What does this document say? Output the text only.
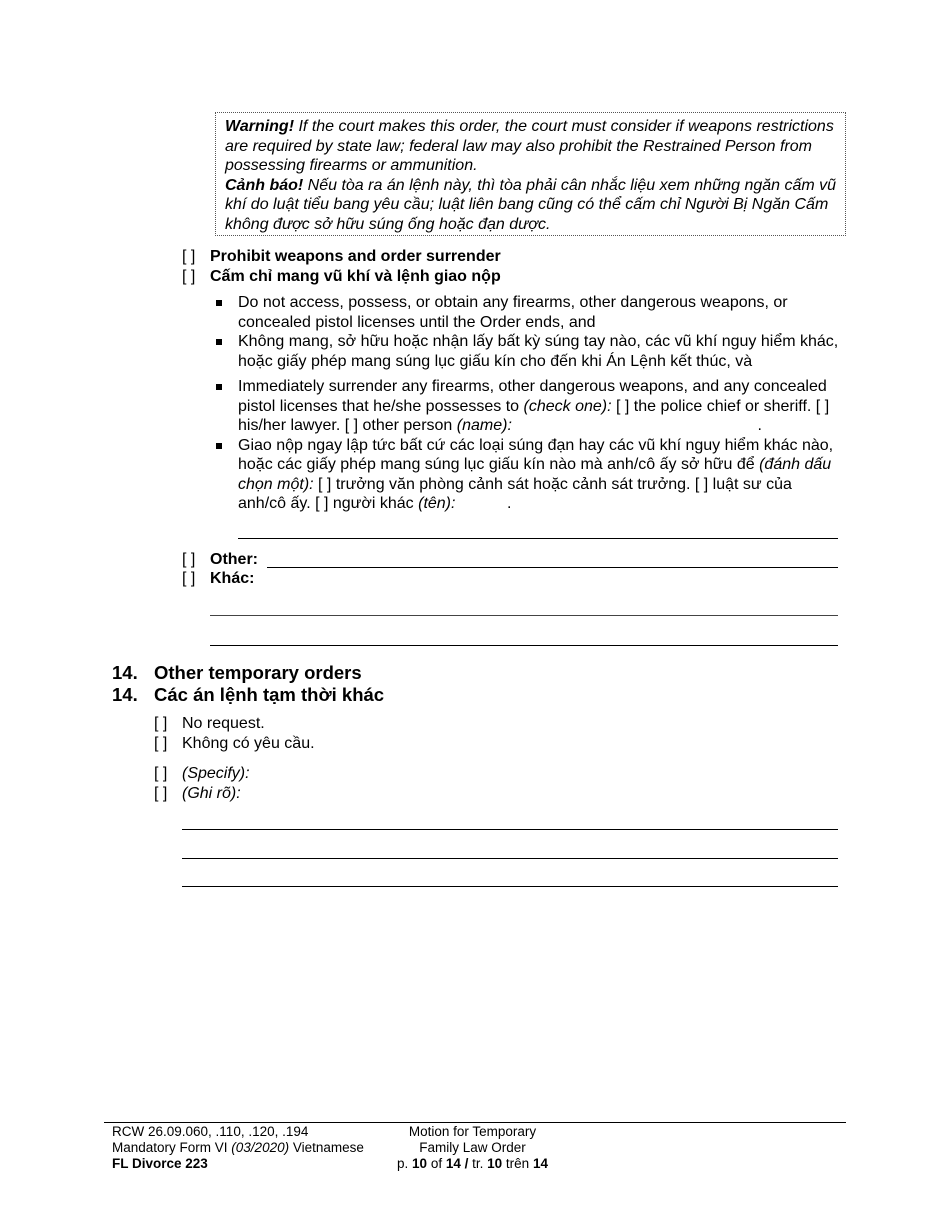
Warning! If the court makes this order, the court must consider if weapons restrictions are required by state law; federal law may also prohibit the Restrained Person from possessing firearms or ammunition.

Cảnh báo! Nếu tòa ra án lệnh này, thì tòa phải cân nhắc liệu xem những ngăn cấm vũ khí do luật tiểu bang yêu cầu; luật liên bang cũng có thể cấm chỉ Người Bị Ngăn Cấm không được sở hữu súng ống hoặc đạn dược.

[ ] Prohibit weapons and order surrender
[ ] Cấm chỉ mang vũ khí và lệnh giao nộp
Do not access, possess, or obtain any firearms, other dangerous weapons, or concealed pistol licenses until the Order ends, and
Không mang, sở hữu hoặc nhận lấy bất kỳ súng tay nào, các vũ khí nguy hiểm khác, hoặc giấy phép mang súng lục giấu kín cho đến khi Án Lệnh kết thúc, và
Immediately surrender any firearms, other dangerous weapons, and any concealed pistol licenses that he/she possesses to (check one): [ ] the police chief or sheriff. [ ] his/her lawyer. [ ] other person (name):	.
Giao nộp ngay lập tức bất cứ các loại súng đạn hay các vũ khí nguy hiểm khác nào, hoặc các giấy phép mang súng lục giấu kín nào mà anh/cô ấy sở hữu để (đánh dấu chọn một): [ ] trưởng văn phòng cảnh sát hoặc cảnh sát trưởng. [ ] luật sư của anh/cô ấy. [ ] người khác (tên):	.
[ ] Other:
[ ] Khác:
14. Other temporary orders
14. Các án lệnh tạm thời khác
[ ] No request.
[ ] Không có yêu cầu.
[ ] (Specify):
[ ] (Ghi rõ):
RCW 26.09.060, .110, .120, .194
Mandatory Form VI (03/2020) Vietnamese
FL Divorce 223
Motion for Temporary
Family Law Order
p. 10 of 14 / tr. 10 trên 14
